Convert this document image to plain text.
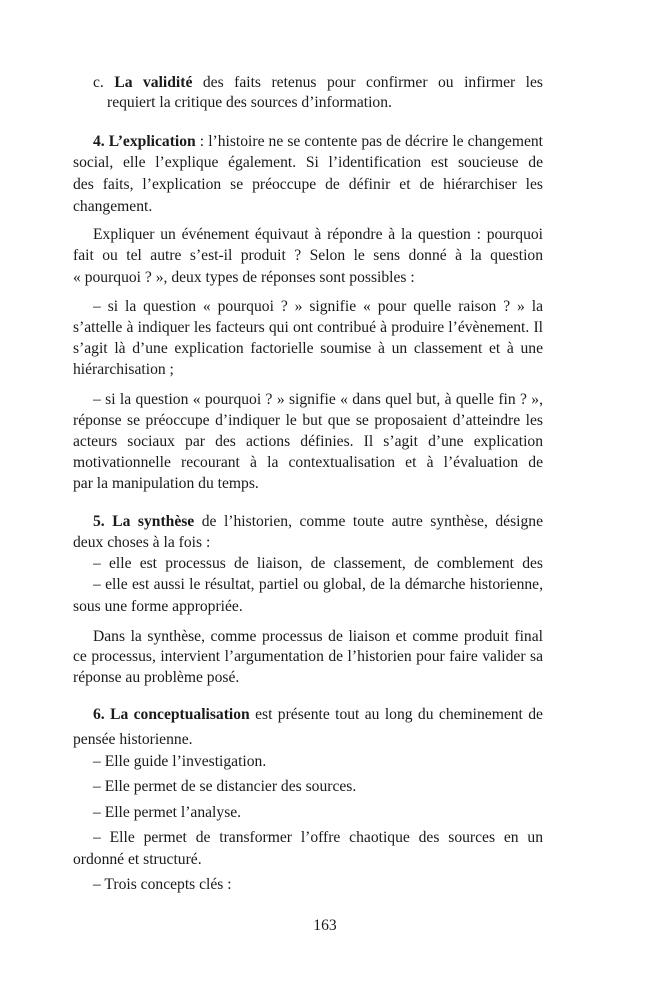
c. La validité des faits retenus pour confirmer ou infirmer les
requiert la critique des sources d’information.
4. L’explication : l’histoire ne se contente pas de décrire le changement
social, elle l’explique également. Si l’identification est soucieuse de
des faits, l’explication se préoccupe de définir et de hiérarchiser les
changement.
Expliquer un événement équivaut à répondre à la question : pourquoi
fait ou tel autre s’est-il produit ? Selon le sens donné à la question
« pourquoi ? », deux types de réponses sont possibles :
– si la question « pourquoi ? » signifie « pour quelle raison ? » la
s’attelle à indiquer les facteurs qui ont contribué à produire l’évènement. Il
s’agit là d’une explication factorielle soumise à un classement et à une
hiérarchisation ;
– si la question « pourquoi ? » signifie « dans quel but, à quelle fin ? »,
réponse se préoccupe d’indiquer le but que se proposaient d’atteindre les
acteurs sociaux par des actions définies. Il s’agit d’une explication
motivationnelle recourant à la contextualisation et à l’évaluation de
par la manipulation du temps.
5. La synthèse de l’historien, comme toute autre synthèse, désigne
deux choses à la fois :
– elle est processus de liaison, de classement, de comblement des
– elle est aussi le résultat, partiel ou global, de la démarche historienne,
sous une forme appropriée.
Dans la synthèse, comme processus de liaison et comme produit final
ce processus, intervient l’argumentation de l’historien pour faire valider sa
réponse au problème posé.
6. La conceptualisation est présente tout au long du cheminement de
pensée historienne.
– Elle guide l’investigation.
– Elle permet de se distancier des sources.
– Elle permet l’analyse.
– Elle permet de transformer l’offre chaotique des sources en un
ordonné et structuré.
– Trois concepts clés :
163
